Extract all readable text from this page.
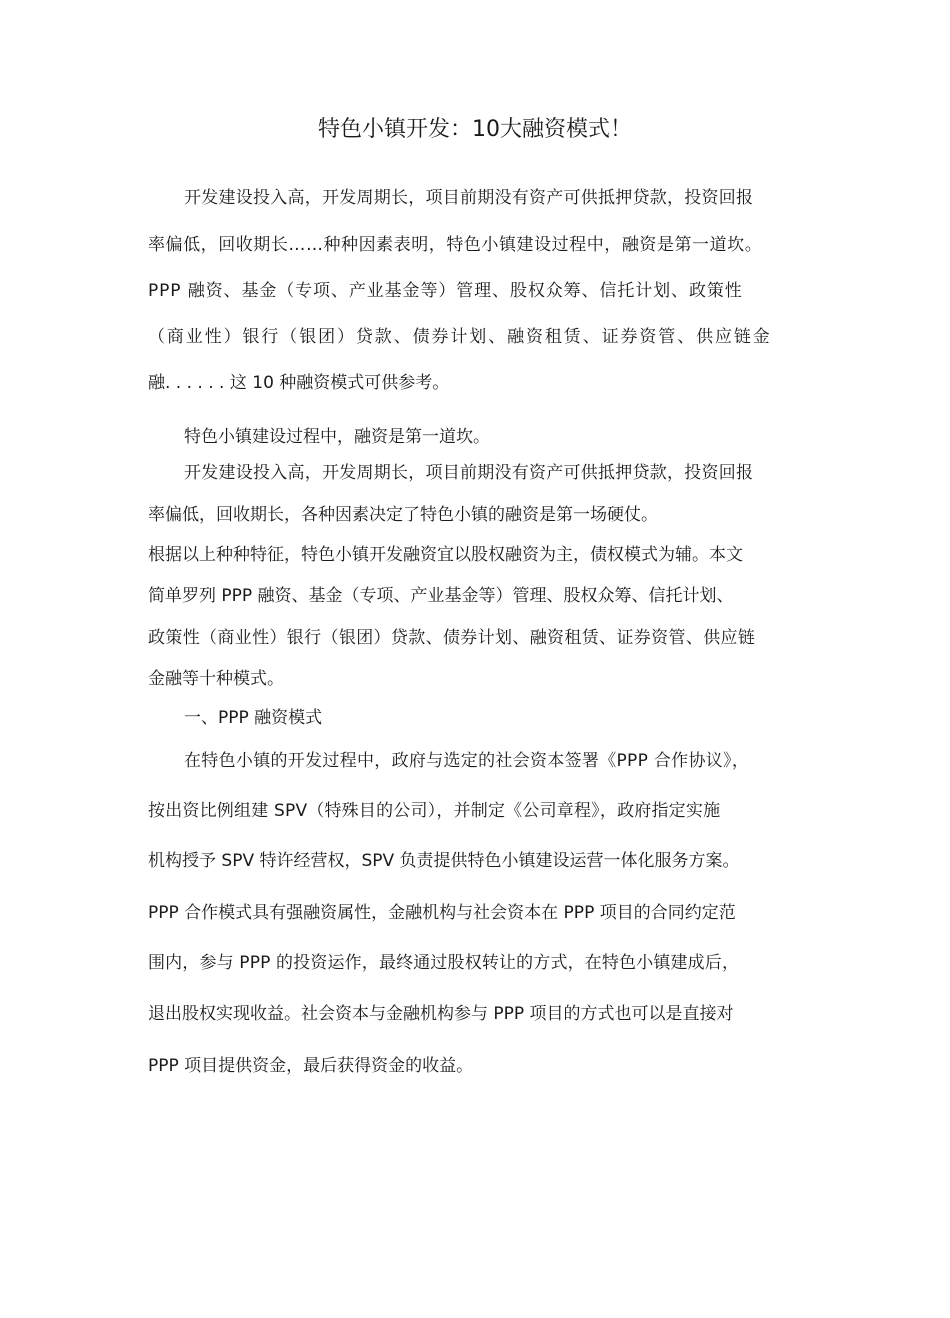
特色小镇开发：10大融资模式！
开发建设投入高，开发周期长，项目前期没有资产可供抵押贷款，投资回报
率偏低，回收期长……种种因素表明，特色小镇建设过程中，融资是第一道坎。
PPP 融资、基金（专项、产业基金等）管理、股权众筹、信托计划、政策性
（商业性）银行（银团）贷款、债券计划、融资租赁、证券资管、供应链金
融. . . . . . 这 10 种融资模式可供参考。
特色小镇建设过程中，融资是第一道坎。
开发建设投入高，开发周期长，项目前期没有资产可供抵押贷款，投资回报
率偏低，回收期长，各种因素决定了特色小镇的融资是第一场硬仗。
根据以上种种特征，特色小镇开发融资宜以股权融资为主，债权模式为辅。本文
简单罗列 PPP 融资、基金（专项、产业基金等）管理、股权众筹、信托计划、
政策性（商业性）银行（银团）贷款、债券计划、融资租赁、证券资管、供应链
金融等十种模式。
一、PPP 融资模式
在特色小镇的开发过程中，政府与选定的社会资本签署《PPP 合作协议》，
按出资比例组建 SPV（特殊目的公司），并制定《公司章程》，政府指定实施
机构授予 SPV 特许经营权，SPV 负责提供特色小镇建设运营一体化服务方案。
PPP 合作模式具有强融资属性，金融机构与社会资本在 PPP 项目的合同约定范
围内，参与 PPP 的投资运作，最终通过股权转让的方式，在特色小镇建成后，
退出股权实现收益。社会资本与金融机构参与 PPP 项目的方式也可以是直接对
PPP 项目提供资金，最后获得资金的收益。
